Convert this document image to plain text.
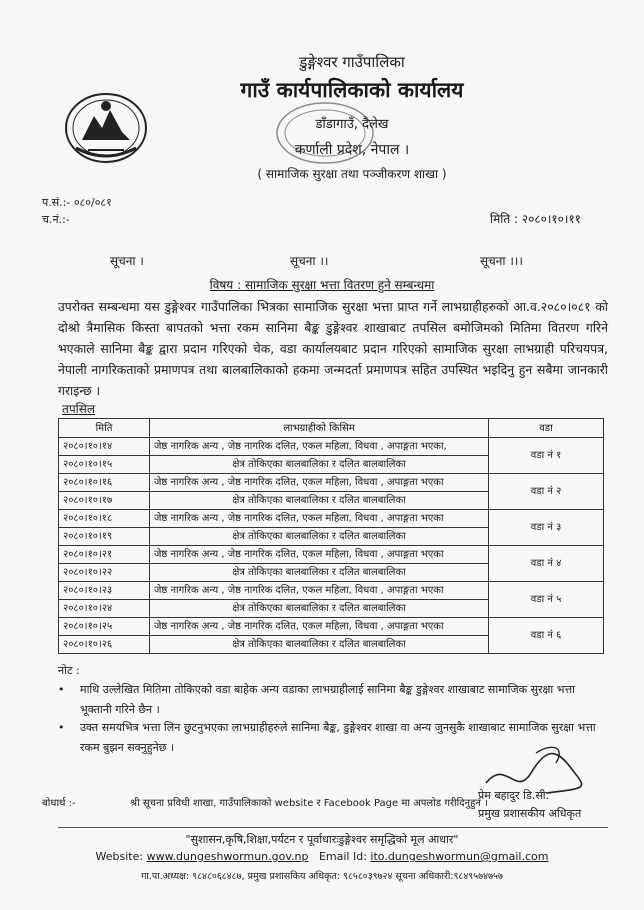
डुङ्गेश्वर गाउँपालिका
गाउँ कार्यपालिकाको कार्यालय
डाँडागाउँ, दैलेख
कर्णाली प्रदेश, नेपाल ।
( सामाजिक सुरक्षा तथा पञ्जीकरण शाखा )
प.सं.:- ०८०/०८१
च.नं.:-	मिति : २०८०।१०।११
सूचना ।	सूचना ।।	सूचना ।।।
विषय : सामाजिक सुरक्षा भत्ता वितरण हुने सम्बन्धमा
उपरोक्त सम्बन्धमा यस डुङ्गेश्वर गाउँपालिका भित्रका सामाजिक सुरक्षा भत्ता प्राप्त गर्ने लाभग्राहीहरुको आ.व.२०८०।०८१ को दोश्रो त्रैमासिक किस्ता बापतको भत्ता रकम सानिमा बैङ्क डुङ्गेश्वर शाखाबाट तपसिल बमोजिमको मितिमा वितरण गरिने भएकाले सानिमा बैङ्क द्वारा प्रदान गरिएको चेक, वडा कार्यालयबाट प्रदान गरिएको सामाजिक सुरक्षा लाभग्राही परिचयपत्र, नेपाली नागरिकताको प्रमाणपत्र तथा बालबालिकाको हकमा जन्मदर्ता प्रमाणपत्र सहित उपस्थित भइदिनु हुन सबैमा जानकारी गराइन्छ ।
तपसिल
मिति	लाभग्राहीको किसिम	वडा
२०८०।१०।१४	जेष्ठ नागरिक अन्य , जेष्ठ नागरिक दलित, एकल महिला, विधवा , अपाङ्गता भएका,	वडा नं १
२०८०।१०।१५	क्षेत्र तोकिएका बालबालिका र दलित बालबालिका	
२०८०।१०।१६	जेष्ठ नागरिक अन्य , जेष्ठ नागरिक दलित, एकल महिला, विधवा , अपाङ्गता भएका	वडा नं २
२०८०।१०।१७	क्षेत्र तोकिएका बालबालिका र दलित बालबालिका	
२०८०।१०।१८	जेष्ठ नागरिक अन्य , जेष्ठ नागरिक दलित, एकल महिला, विधवा , अपाङ्गता भएका	वडा नं ३
२०८०।१०।१९	क्षेत्र तोकिएका बालबालिका र दलित बालबालिका	
२०८०।१०।२१	जेष्ठ नागरिक अन्य , जेष्ठ नागरिक दलित, एकल महिला, विधवा , अपाङ्गता भएका	वडा नं ४
२०८०।१०।२२	क्षेत्र तोकिएका बालबालिका र दलित बालबालिका	
२०८०।१०।२३	जेष्ठ नागरिक अन्य , जेष्ठ नागरिक दलित, एकल महिला, विधवा , अपाङ्गता भएका	वडा नं ५
२०८०।१०।२४	क्षेत्र तोकिएका बालबालिका र दलित बालबालिका	
२०८०।१०।२५	जेष्ठ नागरिक अन्य , जेष्ठ नागरिक दलित, एकल महिला, विधवा , अपाङ्गता भएका	वडा नं ६
२०८०।१०।२६	क्षेत्र तोकिएका बालबालिका र दलित बालबालिका	
नोट :
•	माथि उल्लेखित मितिमा तोकिएको वडा बाहेक अन्य वडाका लाभग्राहीलाई सानिमा बैङ्क डुङ्गेश्वर शाखाबाट सामाजिक सुरक्षा भत्ता भूक्तानी गरिने छैन ।
•	उक्त समयभित्र भत्ता लिन छुटनुभएका लाभग्राहीहरुले सानिमा बैङ्क, डुङ्गेश्वर शाखा वा अन्य जुनसुकै शाखाबाट सामाजिक सुरक्षा भत्ता रकम बुझन सक्नुहुनेछ ।
प्रेम बहादुर डि.सी.
प्रमुख प्रशासकीय अधिकृत
बोधार्थ :-	श्री सूचना प्रविधी शाखा, गाउँपालिकाको website र Facebook Page मा अपलोड गरीदिनुहुन ।
"सुशासन,कृषि,शिक्षा,पर्यटन र पूर्वाधारःडुङ्गेश्वर समृद्धिको मूल आधार"
Website: www.dungeshwormun.gov.np Email Id: ito.dungeshwormun@gmail.com
गा.पा.अध्यक्ष: ९८४८०६८४८७, प्रमुख प्रशासकिय अधिकृत: ९८५८०३९७२४ सूचना अधिकारी:९८४९५७४७५७
